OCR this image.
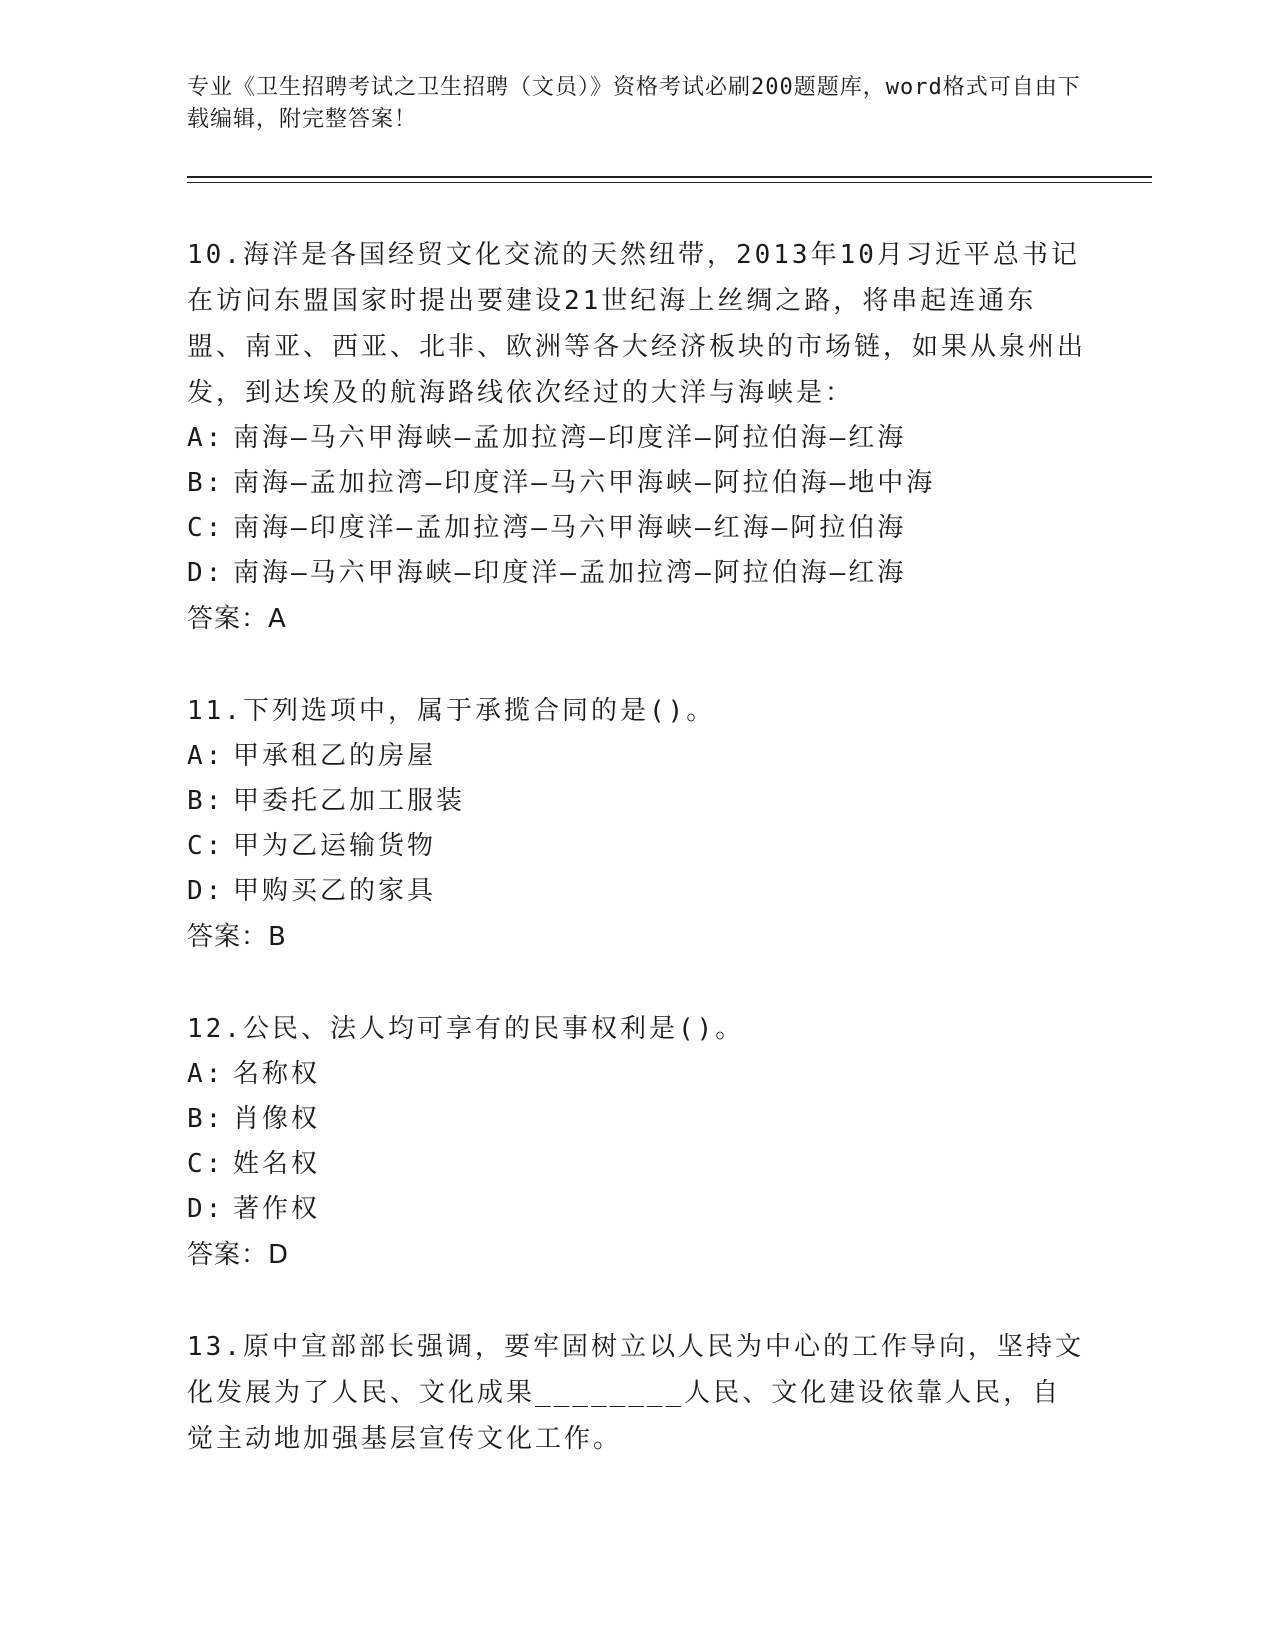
专业《卫生招聘考试之卫生招聘（文员）》资格考试必刷200题题库，word格式可自由下载编辑，附完整答案！
10.海洋是各国经贸文化交流的天然纽带，2013年10月习近平总书记在访问东盟国家时提出要建设21世纪海上丝绸之路，将串起连通东盟、南亚、西亚、北非、欧洲等各大经济板块的市场链，如果从泉州出发，到达埃及的航海路线依次经过的大洋与海峡是：
A: 南海—马六甲海峡—孟加拉湾—印度洋—阿拉伯海—红海
B: 南海—孟加拉湾—印度洋—马六甲海峡—阿拉伯海—地中海
C: 南海—印度洋—孟加拉湾—马六甲海峡—红海—阿拉伯海
D: 南海—马六甲海峡—印度洋—孟加拉湾—阿拉伯海—红海
答案：A
11.下列选项中，属于承揽合同的是()。
A: 甲承租乙的房屋
B: 甲委托乙加工服装
C: 甲为乙运输货物
D: 甲购买乙的家具
答案：B
12.公民、法人均可享有的民事权利是()。
A: 名称权
B: 肖像权
C: 姓名权
D: 著作权
答案：D
13.原中宣部部长强调，要牢固树立以人民为中心的工作导向，坚持文化发展为了人民、文化成果________人民、文化建设依靠人民，自觉主动地加强基层宣传文化工作。
